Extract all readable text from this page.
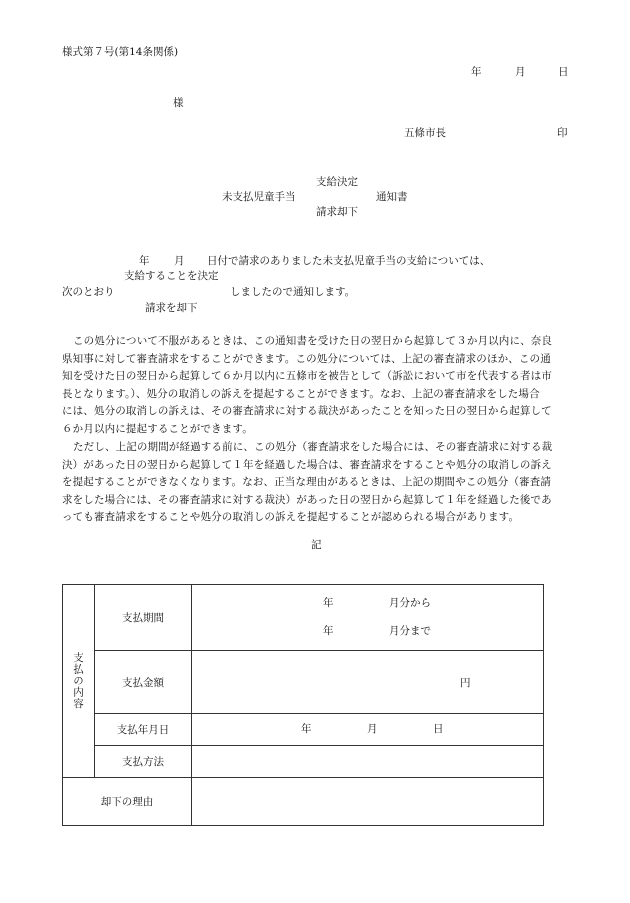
様式第７号(第14条関係)
年	月	日
様
五條市長	印
支給決定
未支払児童手当	通知書
請求却下
年 月 日付で請求のありました未支払児童手当の支給については、
支給することを決定
次のとおり	しましたので通知します。
請求を却下
この処分について不服があるときは、この通知書を受けた日の翌日から起算して３か月以内に、奈良
県知事に対して審査請求をすることができます。この処分については、上記の審査請求のほか、この通
知を受けた日の翌日から起算して６か月以内に五條市を被告として（訴訟において市を代表する者は市
長となります。）、処分の取消しの訴えを提起することができます。なお、上記の審査請求をした場合
には、処分の取消しの訴えは、その審査請求に対する裁決があったことを知った日の翌日から起算して
６か月以内に提起することができます。
ただし、上記の期間が経過する前に、この処分（審査請求をした場合には、その審査請求に対する裁
決）があった日の翌日から起算して１年を経過した場合は、審査請求をすることや処分の取消しの訴え
を提起することができなくなります。なお、正当な理由があるときは、上記の期間やこの処分（審査請
求をした場合には、その審査請求に対する裁決）があった日の翌日から起算して１年を経過した後であ
っても審査請求をすることや処分の取消しの訴えを提起することが認められる場合があります。
記
支払の内容	支払期間	年 月分から
年 月分まで

	支払金額	円

	支払年月日	年 月 日

	支払方法	
却下の理由		
